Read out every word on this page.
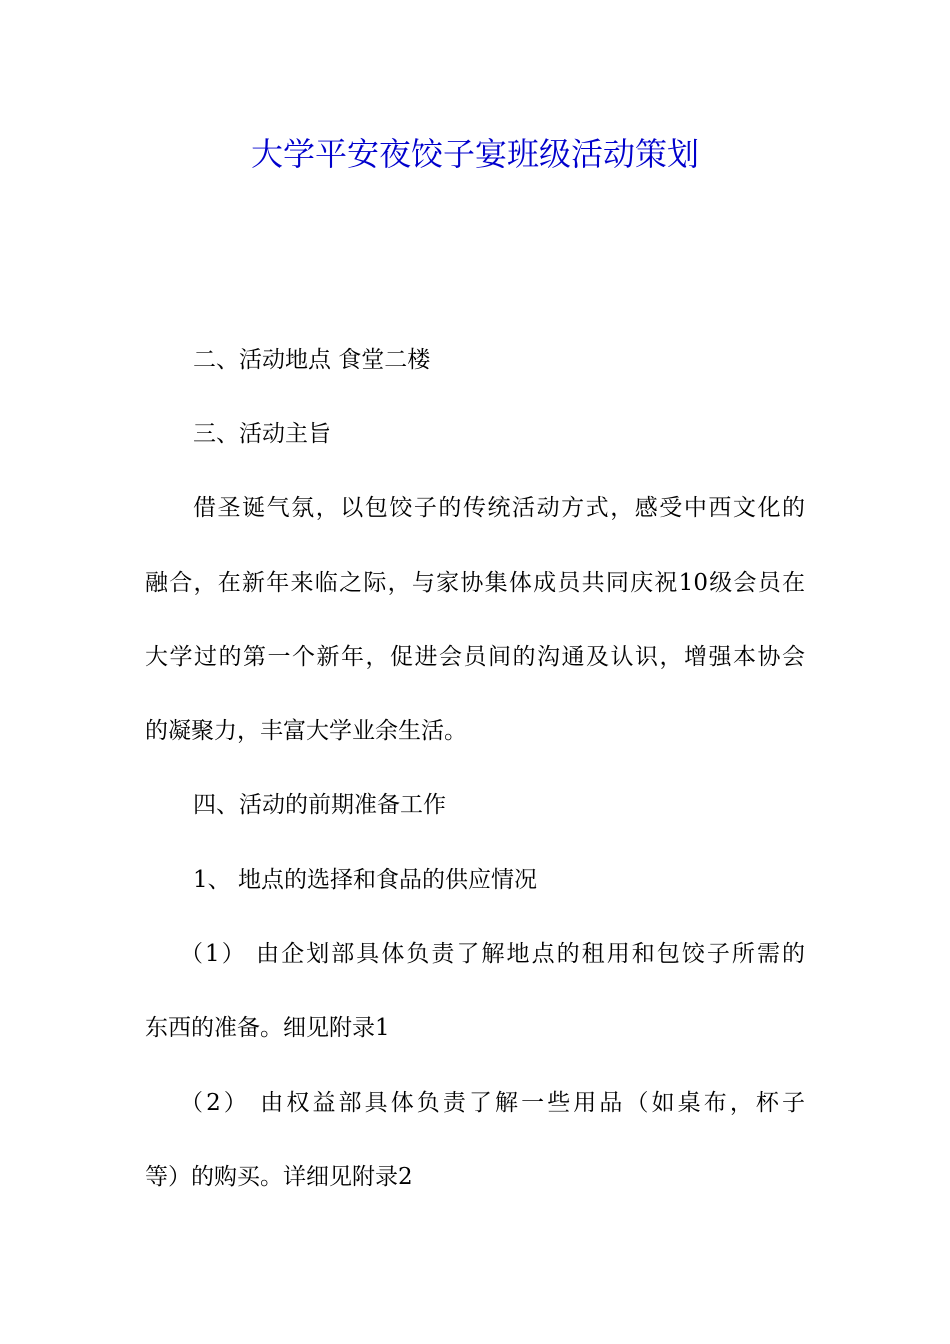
大学平安夜饺子宴班级活动策划

二、活动地点 食堂二楼

三、活动主旨

借圣诞气氛，以包饺子的传统活动方式，感受中西文化的

融合，在新年来临之际，与家协集体成员共同庆祝10级会员在

大学过的第一个新年，促进会员间的沟通及认识，增强本协会

的凝聚力，丰富大学业余生活。

四、活动的前期准备工作

1、 地点的选择和食品的供应情况

（1） 由企划部具体负责了解地点的租用和包饺子所需的

东西的准备。细见附录1

（2） 由权益部具体负责了解一些用品（如桌布，杯子

等）的购买。详细见附录2
